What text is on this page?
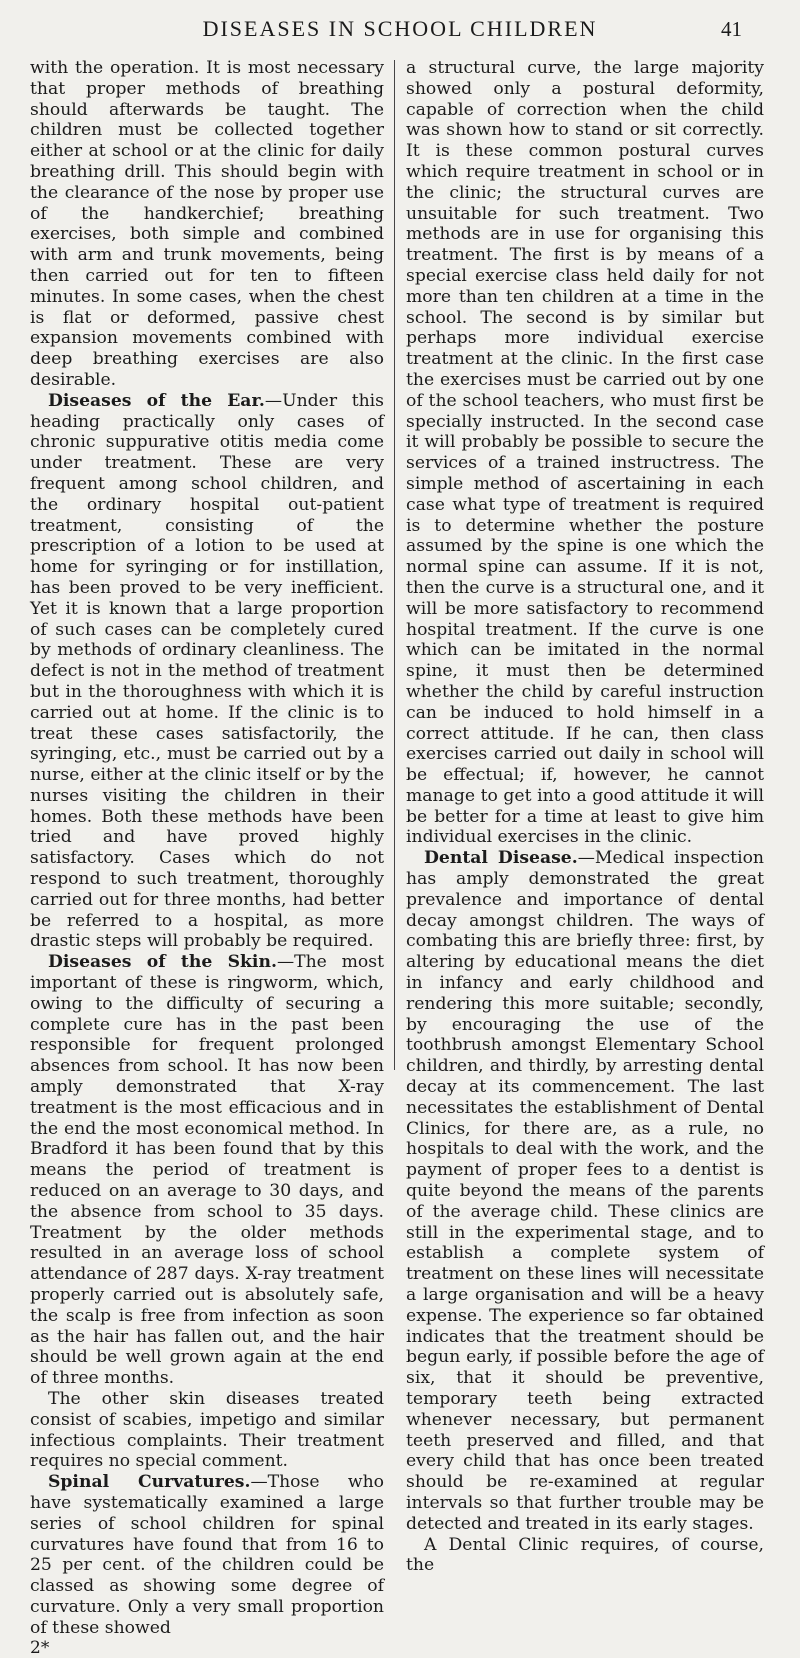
DISEASES IN SCHOOL CHILDREN	41

with the operation. It is most necessary that proper methods of breathing should afterwards be taught. The children must be collected together either at school or at the clinic for daily breathing drill. This should begin with the clearance of the nose by proper use of the handkerchief; breathing exercises, both simple and combined with arm and trunk movements, being then carried out for ten to fifteen minutes. In some cases, when the chest is flat or deformed, passive chest expansion movements combined with deep breathing exercises are also desirable.

Diseases of the Ear.—Under this heading practically only cases of chronic suppurative otitis media come under treatment. These are very frequent among school children, and the ordinary hospital out-patient treatment, consisting of the prescription of a lotion to be used at home for syringing or for instillation, has been proved to be very inefficient. Yet it is known that a large proportion of such cases can be completely cured by methods of ordinary cleanliness. The defect is not in the method of treatment but in the thoroughness with which it is carried out at home. If the clinic is to treat these cases satisfactorily, the syringing, etc., must be carried out by a nurse, either at the clinic itself or by the nurses visiting the children in their homes. Both these methods have been tried and have proved highly satisfactory. Cases which do not respond to such treatment, thoroughly carried out for three months, had better be referred to a hospital, as more drastic steps will probably be required.

Diseases of the Skin.—The most important of these is ringworm, which, owing to the difficulty of securing a complete cure has in the past been responsible for frequent prolonged absences from school. It has now been amply demonstrated that X-ray treatment is the most efficacious and in the end the most economical method. In Bradford it has been found that by this means the period of treatment is reduced on an average to 30 days, and the absence from school to 35 days. Treatment by the older methods resulted in an average loss of school attendance of 287 days. X-ray treatment properly carried out is absolutely safe, the scalp is free from infection as soon as the hair has fallen out, and the hair should be well grown again at the end of three months.

The other skin diseases treated consist of scabies, impetigo and similar infectious complaints. Their treatment requires no special comment.

Spinal Curvatures.—Those who have systematically examined a large series of school children for spinal curvatures have found that from 16 to 25 per cent. of the children could be classed as showing some degree of curvature. Only a very small proportion of these showed

2*

a structural curve, the large majority showed only a postural deformity, capable of correction when the child was shown how to stand or sit correctly. It is these common postural curves which require treatment in school or in the clinic; the structural curves are unsuitable for such treatment. Two methods are in use for organising this treatment. The first is by means of a special exercise class held daily for not more than ten children at a time in the school. The second is by similar but perhaps more individual exercise treatment at the clinic. In the first case the exercises must be carried out by one of the school teachers, who must first be specially instructed. In the second case it will probably be possible to secure the services of a trained instructress. The simple method of ascertaining in each case what type of treatment is required is to determine whether the posture assumed by the spine is one which the normal spine can assume. If it is not, then the curve is a structural one, and it will be more satisfactory to recommend hospital treatment. If the curve is one which can be imitated in the normal spine, it must then be determined whether the child by careful instruction can be induced to hold himself in a correct attitude. If he can, then class exercises carried out daily in school will be effectual; if, however, he cannot manage to get into a good attitude it will be better for a time at least to give him individual exercises in the clinic.

Dental Disease.—Medical inspection has amply demonstrated the great prevalence and importance of dental decay amongst children. The ways of combating this are briefly three: first, by altering by educational means the diet in infancy and early childhood and rendering this more suitable; secondly, by encouraging the use of the toothbrush amongst Elementary School children, and thirdly, by arresting dental decay at its commencement. The last necessitates the establishment of Dental Clinics, for there are, as a rule, no hospitals to deal with the work, and the payment of proper fees to a dentist is quite beyond the means of the parents of the average child. These clinics are still in the experimental stage, and to establish a complete system of treatment on these lines will necessitate a large organisation and will be a heavy expense. The experience so far obtained indicates that the treatment should be begun early, if possible before the age of six, that it should be preventive, temporary teeth being extracted whenever necessary, but permanent teeth preserved and filled, and that every child that has once been treated should be re-examined at regular intervals so that further trouble may be detected and treated in its early stages.

A Dental Clinic requires, of course, the
